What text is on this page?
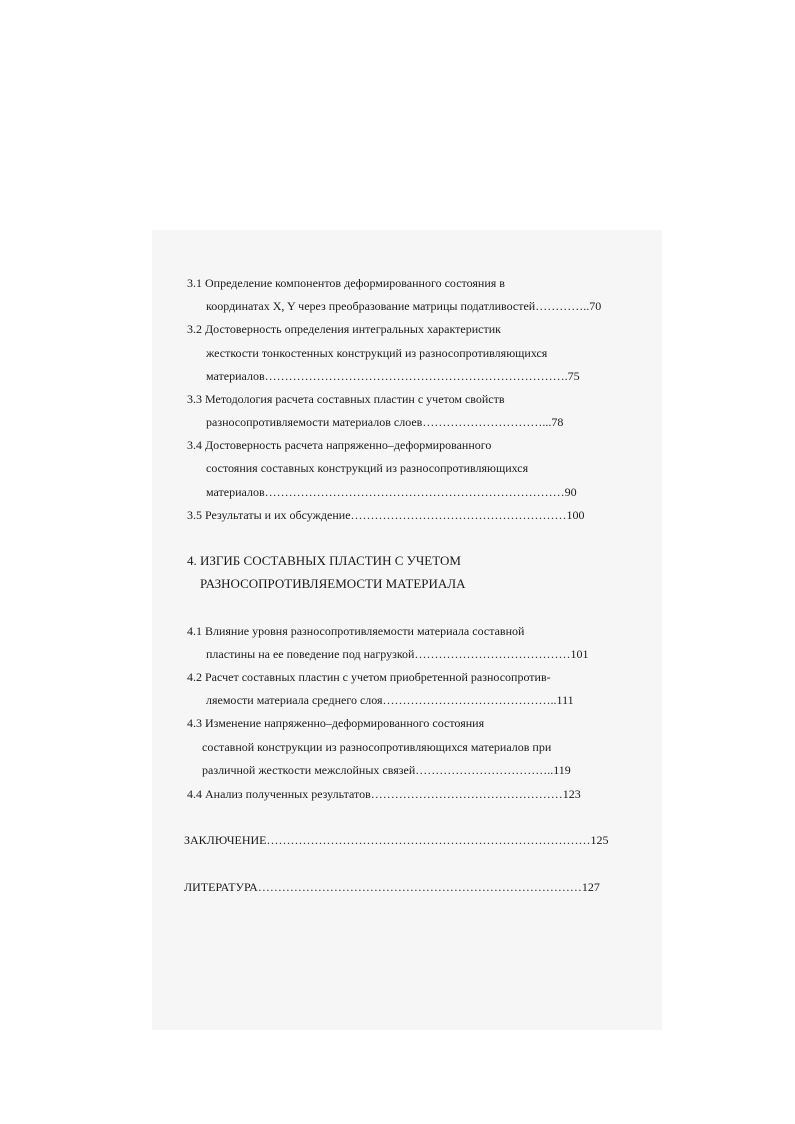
3.1 Определение компонентов деформированного состояния в
координатах X, Y через преобразование матрицы податливостей…………..70
3.2 Достоверность определения интегральных характеристик
жесткости тонкостенных конструкций из разносопротивляющихся
материалов………………………………………………………………….75
3.3 Методология расчета составных пластин с учетом свойств
разносопротивляемости материалов слоев…………………………...78
3.4 Достоверность расчета напряженно–деформированного
состояния составных конструкций из разносопротивляющихся
материалов…………………………………………………………………90
3.5 Результаты и их обсуждение………………………………………………100
4. ИЗГИБ СОСТАВНЫХ ПЛАСТИН С УЧЕТОМ
РАЗНОСОПРОТИВЛЯЕМОСТИ МАТЕРИАЛА
4.1 Влияние уровня разносопротивляемости материала составной
пластины на ее поведение под нагрузкой…………………………………101
4.2 Расчет составных пластин с учетом приобретенной разносопротив-
ляемости материала среднего слоя……………………………………..111
4.3 Изменение напряженно–деформированного состояния
составной конструкции из разносопротивляющихся материалов при
различной жесткости межслойных связей……………………………..119
4.4 Анализ полученных результатов…………………………………………123
ЗАКЛЮЧЕНИЕ………………………………………………………………………125
ЛИТЕРАТУРА………………………………………………………………………127
